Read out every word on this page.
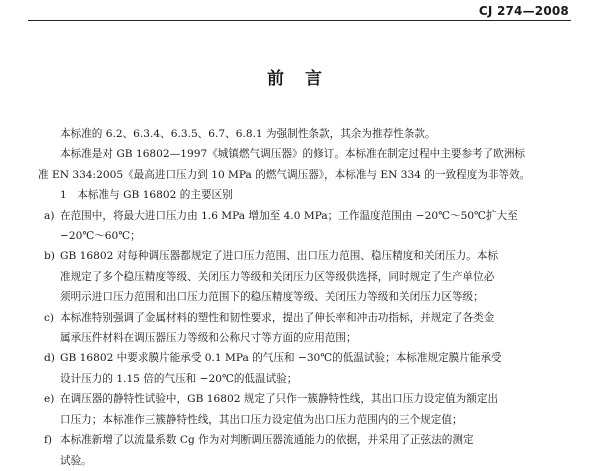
CJ 274—2008
前　言

本标准的 6.2、6.3.4、6.3.5、6.7、6.8.1 为强制性条款，其余为推荐性条款。

本标准是对 GB 16802—1997《城镇燃气调压器》的修订。本标准在制定过程中主要参考了欧洲标

准 EN 334:2005《最高进口压力到 10 MPa 的燃气调压器》，本标准与 EN 334 的一致程度为非等效。

1　本标准与 GB 16802 的主要区别

a) 在范围中，将最大进口压力由 1.6 MPa 增加至 4.0 MPa；工作温度范围由 −20℃～50℃扩大至
−20℃～60℃；
b) GB 16802 对每种调压器都规定了进口压力范围、出口压力范围、稳压精度和关闭压力。本标
准规定了多个稳压精度等级、关闭压力等级和关闭压力区等级供选择，同时规定了生产单位必
须明示进口压力范围和出口压力范围下的稳压精度等级、关闭压力等级和关闭压力区等级；
c) 本标准特别强调了金属材料的塑性和韧性要求，提出了伸长率和冲击功指标，并规定了各类金
属承压件材料在调压器压力等级和公称尺寸等方面的应用范围；
d) GB 16802 中要求膜片能承受 0.1 MPa 的气压和 −30℃的低温试验；本标准规定膜片能承受
设计压力的 1.15 倍的气压和 −20℃的低温试验；
e) 在调压器的静特性试验中，GB 16802 规定了只作一簇静特性线，其出口压力设定值为额定出
口压力；本标准作三簇静特性线，其出口压力设定值为出口压力范围内的三个规定值；
f) 本标准新增了以流量系数 Cg 作为对判断调压器流通能力的依据，并采用了正弦法的测定
试验。
